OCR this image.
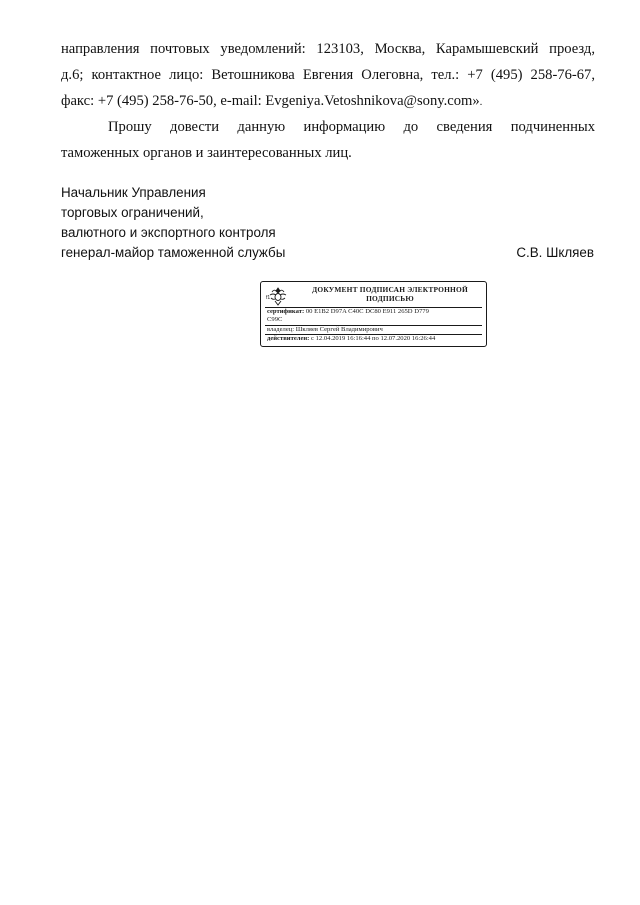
направления почтовых уведомлений: 123103, Москва, Карамышевский проезд,
д.6; контактное лицо: Ветошникова Евгения Олеговна, тел.: +7 (495) 258-76-67,
факс: +7 (495) 258-76-50, e-mail: Evgeniya.Vetoshnikova@sony.com».
Прошу довести данную информацию до сведения подчиненных
таможенных органов и заинтересованных лиц.
Начальник Управления
торговых ограничений,
валютного и экспортного контроля
генерал-майор таможенной службы	С.В. Шкляев
f1
ДОКУМЕНТ ПОДПИСАН ЭЛЕКТРОННОЙ ПОДПИСЬЮ
сертификат: 00 E1B2 D97A C40C DC80 E911 265D D779
C99C
владелец: Шкляев Сергей Владимирович
действителен: с 12.04.2019 16:16:44 по 12.07.2020 16:26:44
